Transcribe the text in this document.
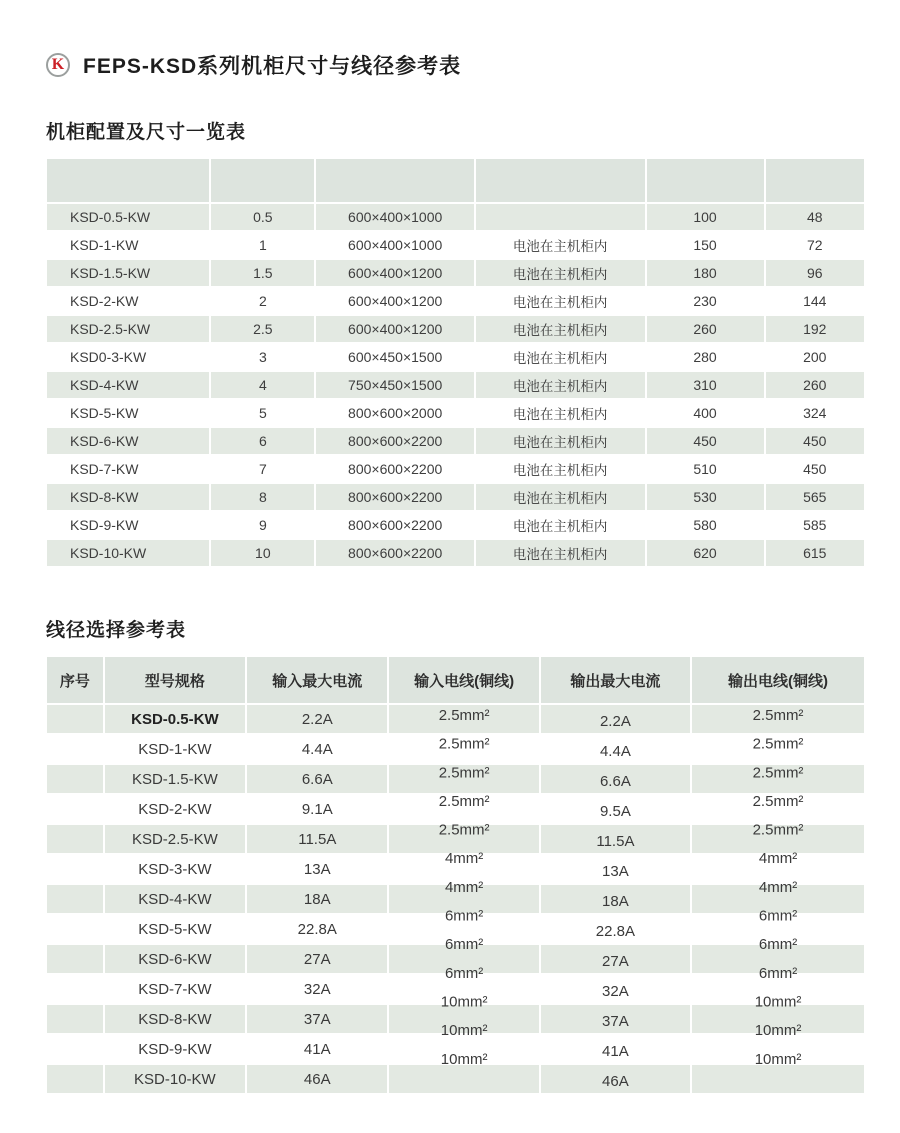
K FEPS-KSD系列机柜尺寸与线径参考表
机柜配置及尺寸一览表

KSD-0.5-KW	0.5	600×400×1000		100	48
KSD-1-KW	1	600×400×1000	电池在主机柜内	150	72
KSD-1.5-KW	1.5	600×400×1200	电池在主机柜内	180	96
KSD-2-KW	2	600×400×1200	电池在主机柜内	230	144
KSD-2.5-KW	2.5	600×400×1200	电池在主机柜内	260	192
KSD0-3-KW	3	600×450×1500	电池在主机柜内	280	200
KSD-4-KW	4	750×450×1500	电池在主机柜内	310	260
KSD-5-KW	5	800×600×2000	电池在主机柜内	400	324
KSD-6-KW	6	800×600×2200	电池在主机柜内	450	450
KSD-7-KW	7	800×600×2200	电池在主机柜内	510	450
KSD-8-KW	8	800×600×2200	电池在主机柜内	530	565
KSD-9-KW	9	800×600×2200	电池在主机柜内	580	585
KSD-10-KW	10	800×600×2200	电池在主机柜内	620	615
线径选择参考表
序号	型号规格	输入最大电流	输入电线(铜线)	输出最大电流	输出电线(铜线)
	KSD-0.5-KW	2.2A	2.5mm²	2.2A	2.5mm²
	KSD-1-KW	4.4A	2.5mm²	4.4A	2.5mm²
	KSD-1.5-KW	6.6A	2.5mm²	6.6A	2.5mm²
	KSD-2-KW	9.1A	2.5mm²	9.5A	2.5mm²
	KSD-2.5-KW	11.5A	2.5mm²	11.5A	2.5mm²
	KSD-3-KW	13A	4mm²	13A	4mm²
	KSD-4-KW	18A	4mm²	18A	4mm²
	KSD-5-KW	22.8A	6mm²	22.8A	6mm²
	KSD-6-KW	27A	6mm²	27A	6mm²
	KSD-7-KW	32A	6mm²	32A	6mm²
	KSD-8-KW	37A	10mm²	37A	10mm²
	KSD-9-KW	41A	10mm²	41A	10mm²
	KSD-10-KW	46A	10mm²	46A	10mm²
